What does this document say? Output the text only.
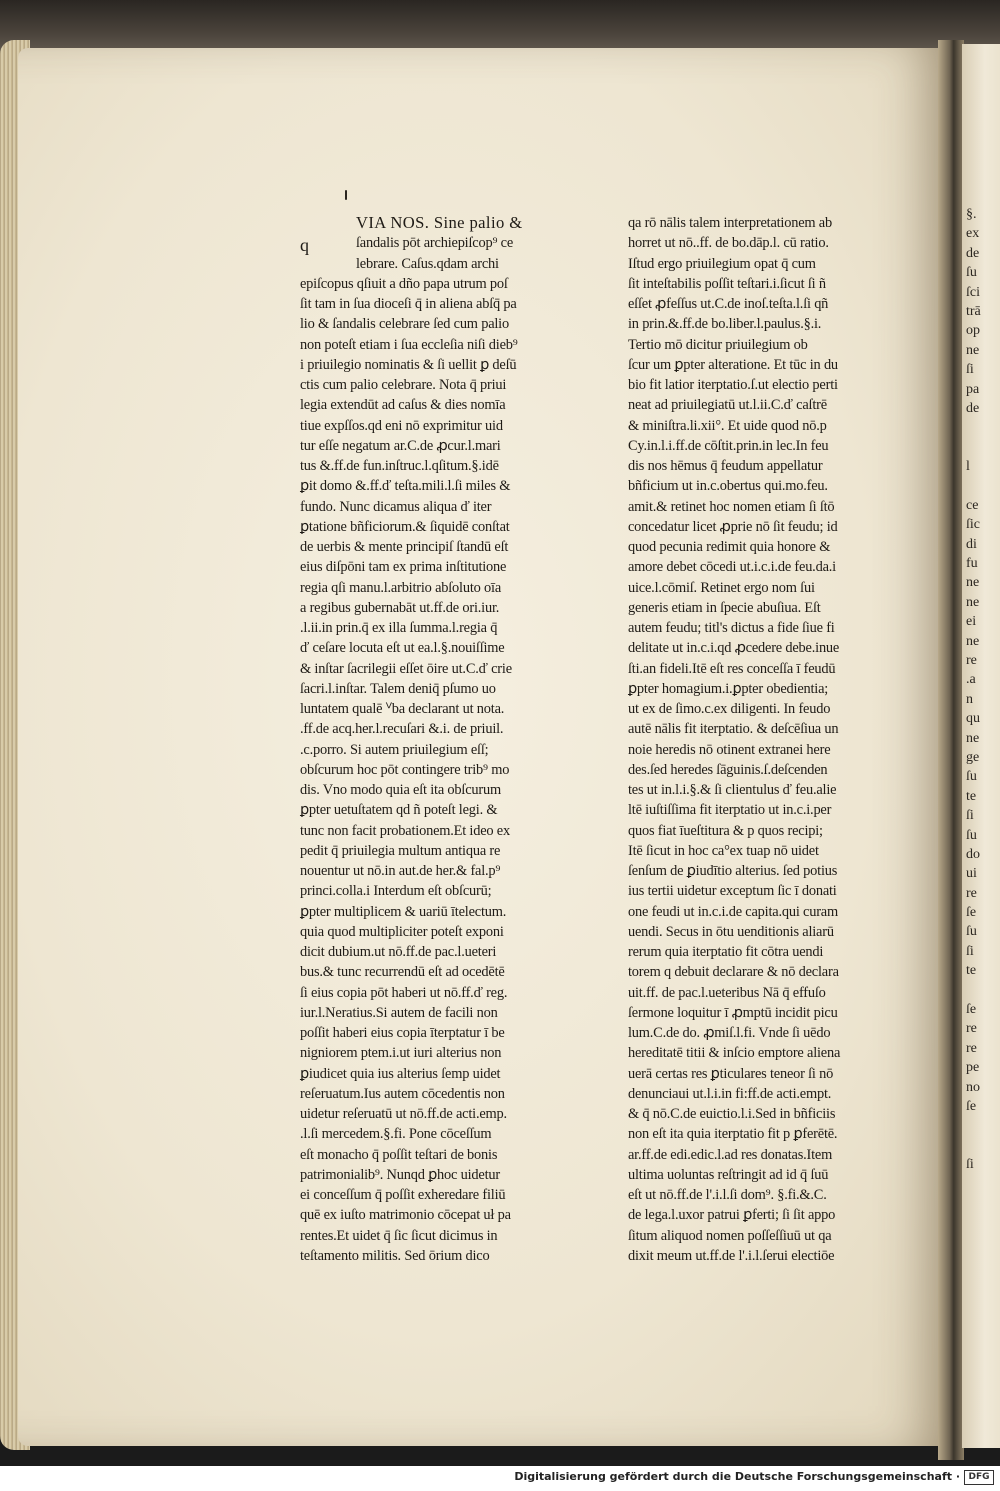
§.
ex
de
ſu
ſci
trā
op
ne
ſi
pa
de
l
ce
ſic
di
fu
ne
ne
ei
ne
re
.a
n
qu
ne
ge
ſu
te
ſi
ſu
do
ui
re
ſe
ſu
ſi
te
ſe
re
re
pe
no
ſe
ſi
q
VIA NOS. Sine palio &
ſandalis pōt archiepiſcop⁹ ce
lebrare. Caſus.qdam archi
epiſcopus qſiuit a dño papa utrum poſ
ſit tam in ſua dioceſi q̄ in aliena abſq̄ pa
lio & ſandalis celebrare ſed cum palio
non poteſt etiam i ſua eccleſia niſi dieb⁹
i priuilegio nominatis & ſi uellit ꝑ deſū
ctis cum palio celebrare. Nota q̄ priui
legia extendūt ad caſus & dies nomīa
tiue expſſos.qd eni nō exprimitur uid
tur eſſe negatum ar.C.de ꝓcur.l.mari
tus &.ff.de fun.inſtruc.l.qſitum.§.idē
ꝑit domo &.ff.ď teſta.mili.l.ſi miles &
fundo. Nunc dicamus aliqua ď iter
ꝑtatione bñficiorum.& ſiquidē conſtat
de uerbis & mente principiſ ſtandū eſt
eius diſpōni tam ex prima inſtitutione
regia qſi manu.l.arbitrio abſoluto oīa
a regibus gubernabāt ut.ff.de ori.iur.
.l.ii.in prin.q̄ ex illa ſumma.l.regia q̄
ď ceſare locuta eſt ut ea.l.§.nouiſſime
& inſtar ſacrilegii eſſet ōire ut.C.ď crie
ſacri.l.inſtar. Talem deniq̄ pſumo uo
luntatem qualē ⱽba declarant ut nota.
.ff.de acq.her.l.recuſari &.i. de priuil.
.c.porro. Si autem priuilegium eſſ;
obſcurum hoc pōt contingere trib⁹ mo
dis. Vno modo quia eſt ita obſcurum
ꝑpter uetuſtatem qd ñ poteſt legi. &
tunc non facit probationem.Et ideo ex
pedit q̄ priuilegia multum antiqua re
nouentur ut nō.in aut.de her.& fal.p⁹
princi.colla.i Interdum eſt obſcurū;
ꝑpter multiplicem & uariū ītelectum.
quia quod multipliciter poteſt exponi
dicit dubium.ut nō.ff.de pac.l.ueteri
bus.& tunc recurrendū eſt ad ocedētē
ſi eius copia pōt haberi ut nō.ff.ď reg.
iur.l.Neratius.Si autem de facili non
poſſit haberi eius copia īterptatur ī be
nigniorem ptem.i.ut iuri alterius non
ꝑiudicet quia ius alterius ſemp uidet
reſeruatum.Ius autem cōcedentis non
uidetur reſeruatū ut nō.ff.de acti.emp.
.l.ſi mercedem.§.fi. Pone cōceſſum
eſt monacho q̄ poſſit teſtari de bonis
patrimonialib⁹. Nunqd ꝑhoc uidetur
ei conceſſum q̄ poſſit exheredare filiū
quē ex iuſto matrimonio cōcepat uł pa
rentes.Et uidet q̄ ſic ſicut dicimus in
teſtamento militis. Sed ōrium dico
qa rō nālis talem interpretationem ab
horret ut nō..ff. de bo.dāp.l. cū ratio.
Iſtud ergo priuilegium opat q̄ cum
ſit inteſtabilis poſſit teſtari.i.ſicut ſi ñ
eſſet ꝓfeſſus ut.C.de inoſ.teſta.l.ſi qñ
in prin.&.ff.de bo.liber.l.paulus.§.i.
Tertio mō dicitur priuilegium ob
ſcur um ꝑpter alteratione. Et tūc in du
bio fit latior iterptatio.ſ.ut electio perti
neat ad priuilegiatū ut.l.ii.C.ď caſtrē
& miniſtra.li.xii°. Et uide quod nō.p
Cy.in.l.i.ff.de cōſtit.prin.in lec.In feu
dis nos hēmus q̄ feudum appellatur
bñficium ut in.c.obertus qui.mo.feu.
amit.& retinet hoc nomen etiam ſi ſtō
concedatur licet ꝓprie nō ſit feudu; id
quod pecunia redimit quia honore &
amore debet cōcedi ut.i.c.i.de feu.da.i
uice.l.cōmiſ. Retinet ergo nom ſui
generis etiam in ſpecie abuſiua. Eſt
autem feudu; titl's dictus a fide ſiue fi
delitate ut in.c.i.qd ꝓcedere debe.inue
ſti.an fideli.Itē eſt res conceſſa ī feudū
ꝑpter homagium.i.ꝑpter obedientia;
ut ex de ſimo.c.ex diligenti. In feudo
autē nālis fit iterptatio. & deſcēſiua un
noie heredis nō otinent extranei here
des.ſed heredes ſāguinis.ſ.deſcenden
tes ut in.l.i.§.& ſi clientulus ď feu.alie
ltē iuſtiſſima fit iterptatio ut in.c.i.per
quos fiat īueſtitura & p quos recipi;
Itē ſicut in hoc ca°ex tuap nō uidet
ſenſum de ꝑiudītio alterius. ſed potius
ius tertii uidetur exceptum ſic ī donati
one feudi ut in.c.i.de capita.qui curam
uendi. Secus in ōtu uenditionis aliarū
rerum quia iterptatio fit cōtra uendi
torem q debuit declarare & nō declara
uit.ff. de pac.l.ueteribus Nā q̄ effuſo
ſermone loquitur ī ꝓmptū incidit picu
lum.C.de do. ꝓmiſ.l.fi. Vnde ſi uēdo
hereditatē titii & inſcio emptore aliena
uerā certas res ꝑticulares teneor ſi nō
denunciaui ut.l.i.in fi:ff.de acti.empt.
& q̄ nō.C.de euictio.l.i.Sed in bñficiis
non eſt ita quia iterptatio fit p ꝑferētē.
ar.ff.de edi.edic.l.ad res donatas.Item
ultima uoluntas reſtringit ad id q̄ ſuū
eſt ut nō.ff.de l'.i.l.ſi dom⁹. §.fi.&.C.
de lega.l.uxor patrui ꝑferti; ſi ſit appo
ſitum aliquod nomen poſſeſſiuū ut qa
dixit meum ut.ff.de l'.i.l.ſerui electiōe
Digitalisierung gefördert durch die Deutsche Forschungsgemeinschaft · DFG
